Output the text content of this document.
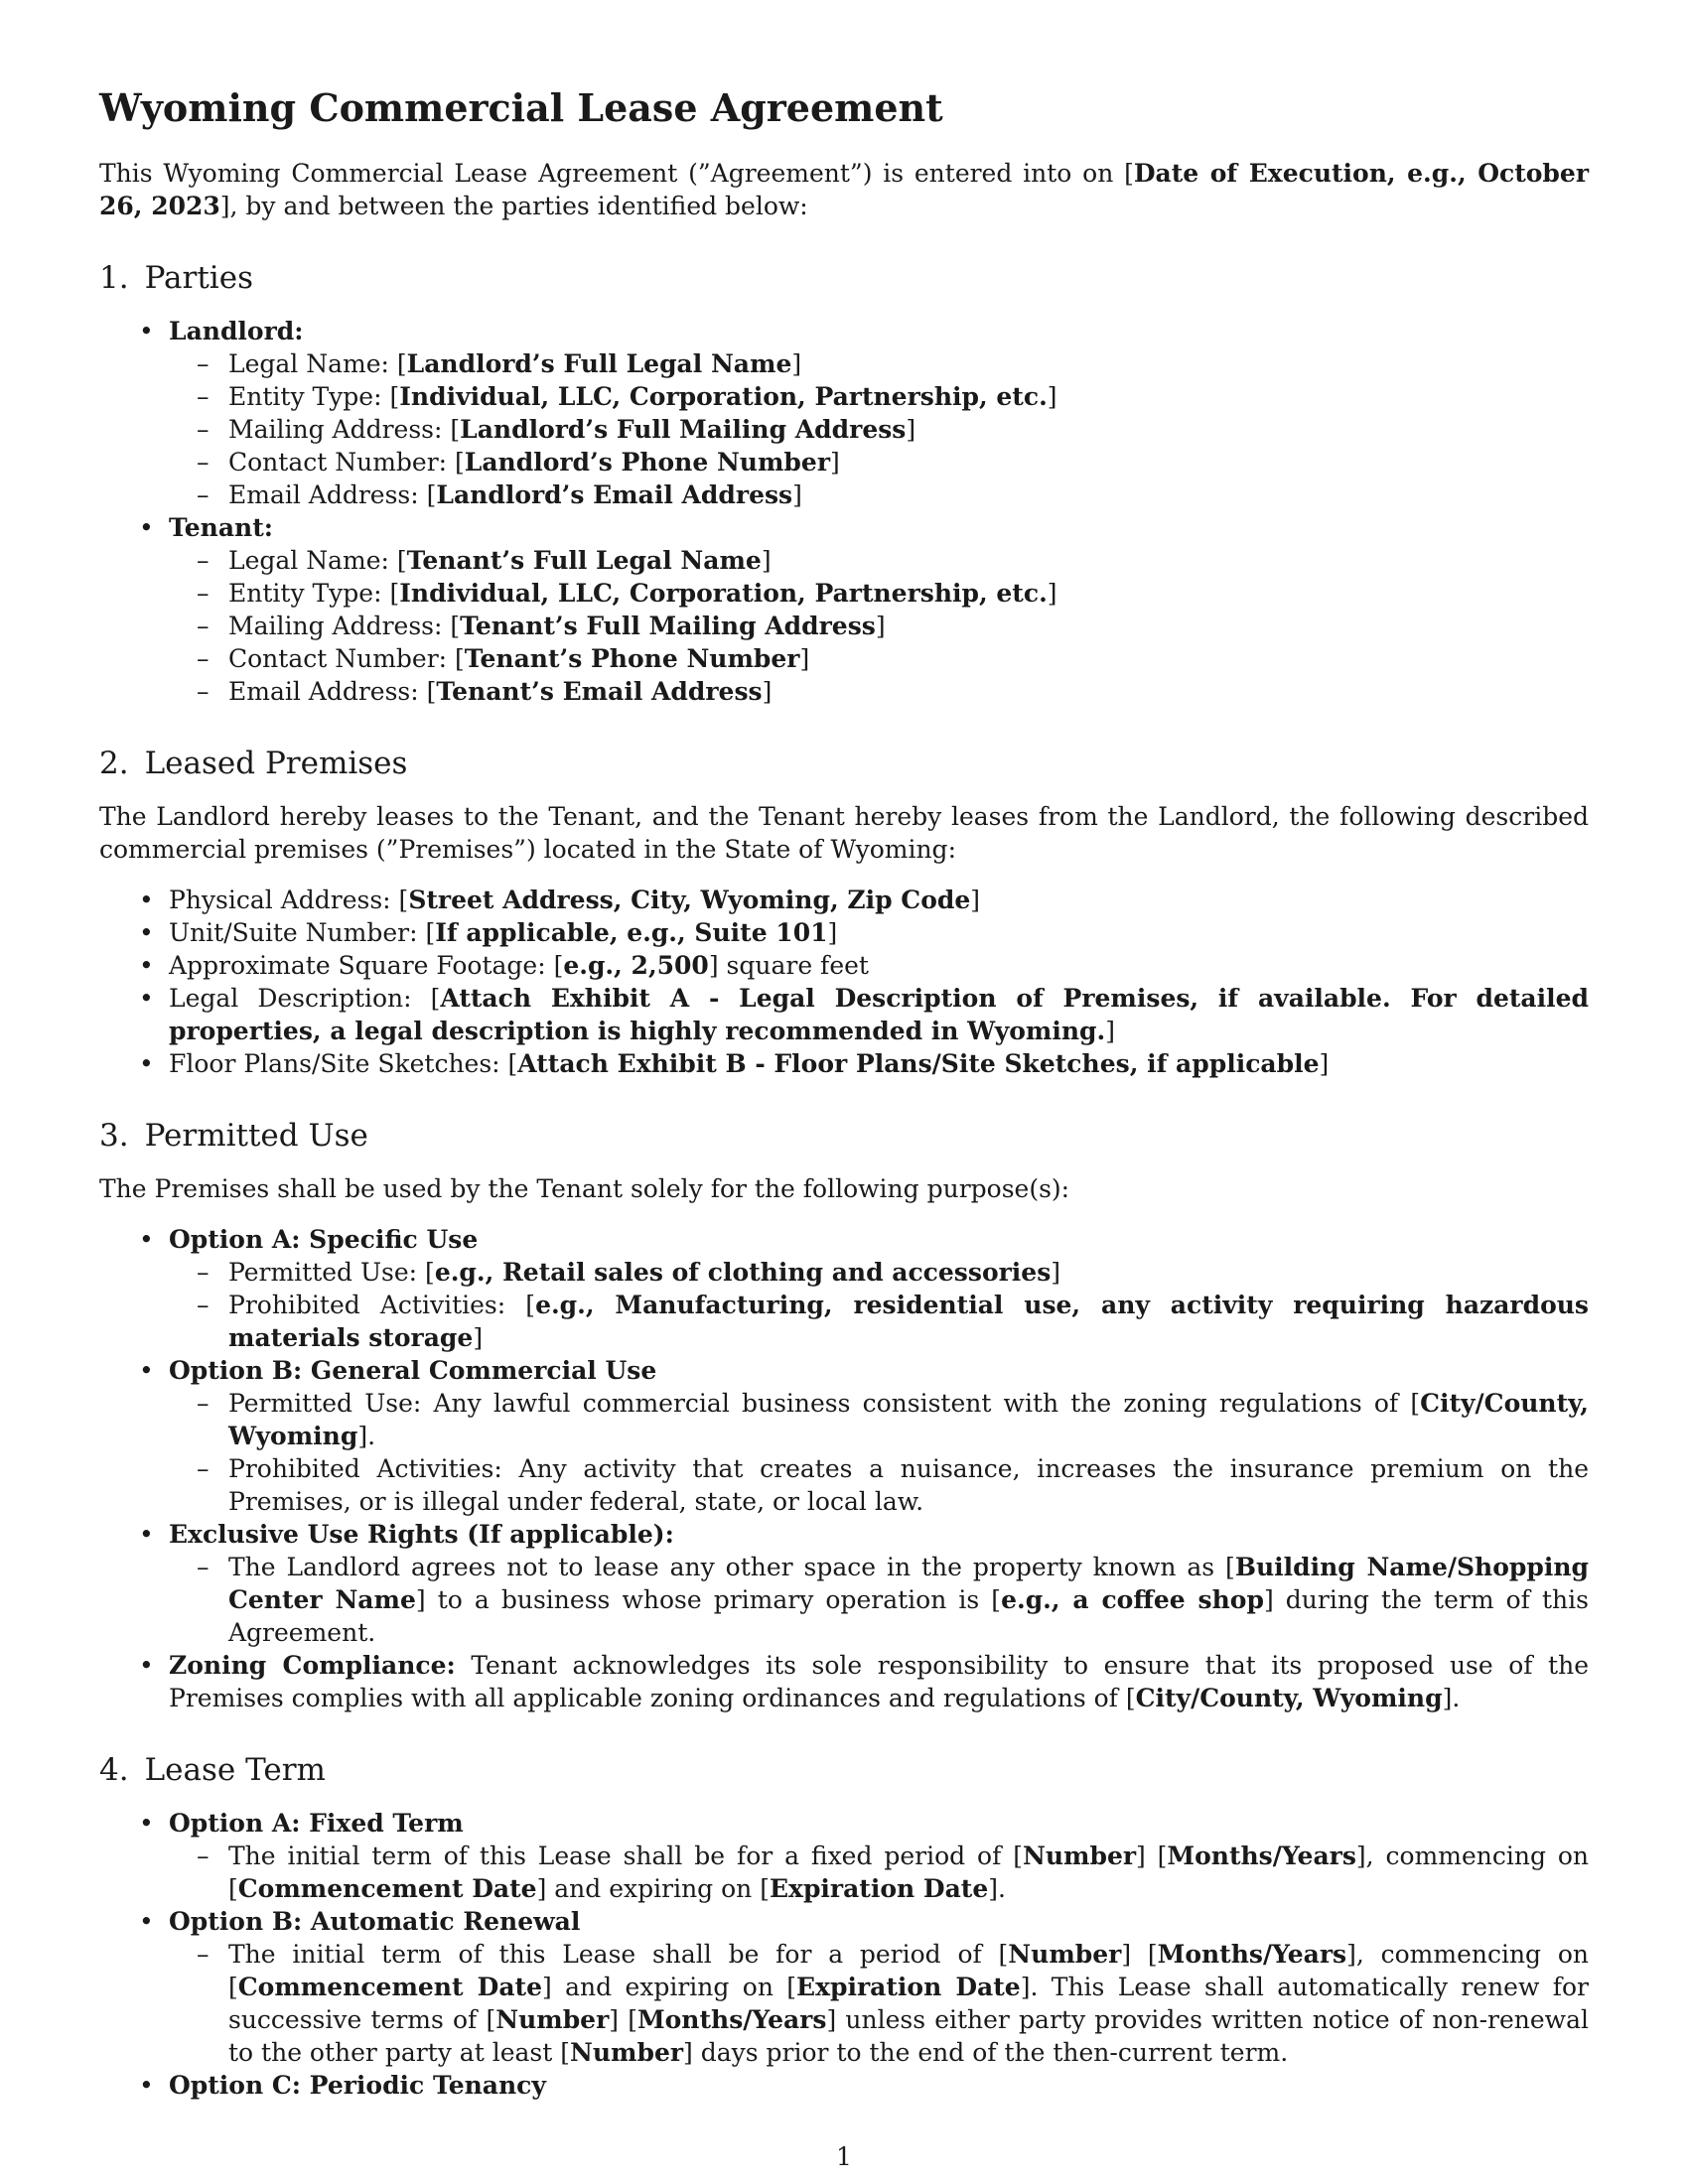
Wyoming Commercial Lease Agreement

This Wyoming Commercial Lease Agreement (”Agreement”) is entered into on [Date of Execution, e.g., October 26, 2023], by and between the parties identified below:

1. Parties
• Landlord:
– Legal Name: [Landlord’s Full Legal Name]
– Entity Type: [Individual, LLC, Corporation, Partnership, etc.]
– Mailing Address: [Landlord’s Full Mailing Address]
– Contact Number: [Landlord’s Phone Number]
– Email Address: [Landlord’s Email Address]
• Tenant:
– Legal Name: [Tenant’s Full Legal Name]
– Entity Type: [Individual, LLC, Corporation, Partnership, etc.]
– Mailing Address: [Tenant’s Full Mailing Address]
– Contact Number: [Tenant’s Phone Number]
– Email Address: [Tenant’s Email Address]
2. Leased Premises

The Landlord hereby leases to the Tenant, and the Tenant hereby leases from the Landlord, the following described commercial premises (”Premises”) located in the State of Wyoming:

• Physical Address: [Street Address, City, Wyoming, Zip Code]
• Unit/Suite Number: [If applicable, e.g., Suite 101]
• Approximate Square Footage: [e.g., 2,500] square feet
• Legal Description: [Attach Exhibit A - Legal Description of Premises, if available. For detailed properties, a legal description is highly recommended in Wyoming.]
• Floor Plans/Site Sketches: [Attach Exhibit B - Floor Plans/Site Sketches, if applicable]
3. Permitted Use

The Premises shall be used by the Tenant solely for the following purpose(s):

• Option A: Specific Use
– Permitted Use: [e.g., Retail sales of clothing and accessories]
– Prohibited Activities: [e.g., Manufacturing, residential use, any activity requiring hazardous materials storage]
• Option B: General Commercial Use
– Permitted Use: Any lawful commercial business consistent with the zoning regulations of [City/County, Wyoming].
– Prohibited Activities: Any activity that creates a nuisance, increases the insurance premium on the Premises, or is illegal under federal, state, or local law.
• Exclusive Use Rights (If applicable):
– The Landlord agrees not to lease any other space in the property known as [Building Name/Shopping Center Name] to a business whose primary operation is [e.g., a coffee shop] during the term of this Agreement.
• Zoning Compliance: Tenant acknowledges its sole responsibility to ensure that its proposed use of the Premises complies with all applicable zoning ordinances and regulations of [City/County, Wyoming].
4. Lease Term
• Option A: Fixed Term
– The initial term of this Lease shall be for a fixed period of [Number] [Months/Years], commencing on [Commencement Date] and expiring on [Expiration Date].
• Option B: Automatic Renewal
– The initial term of this Lease shall be for a period of [Number] [Months/Years], commencing on [Commencement Date] and expiring on [Expiration Date]. This Lease shall automatically renew for successive terms of [Number] [Months/Years] unless either party provides written notice of non-renewal to the other party at least [Number] days prior to the end of the then-current term.
• Option C: Periodic Tenancy
1
